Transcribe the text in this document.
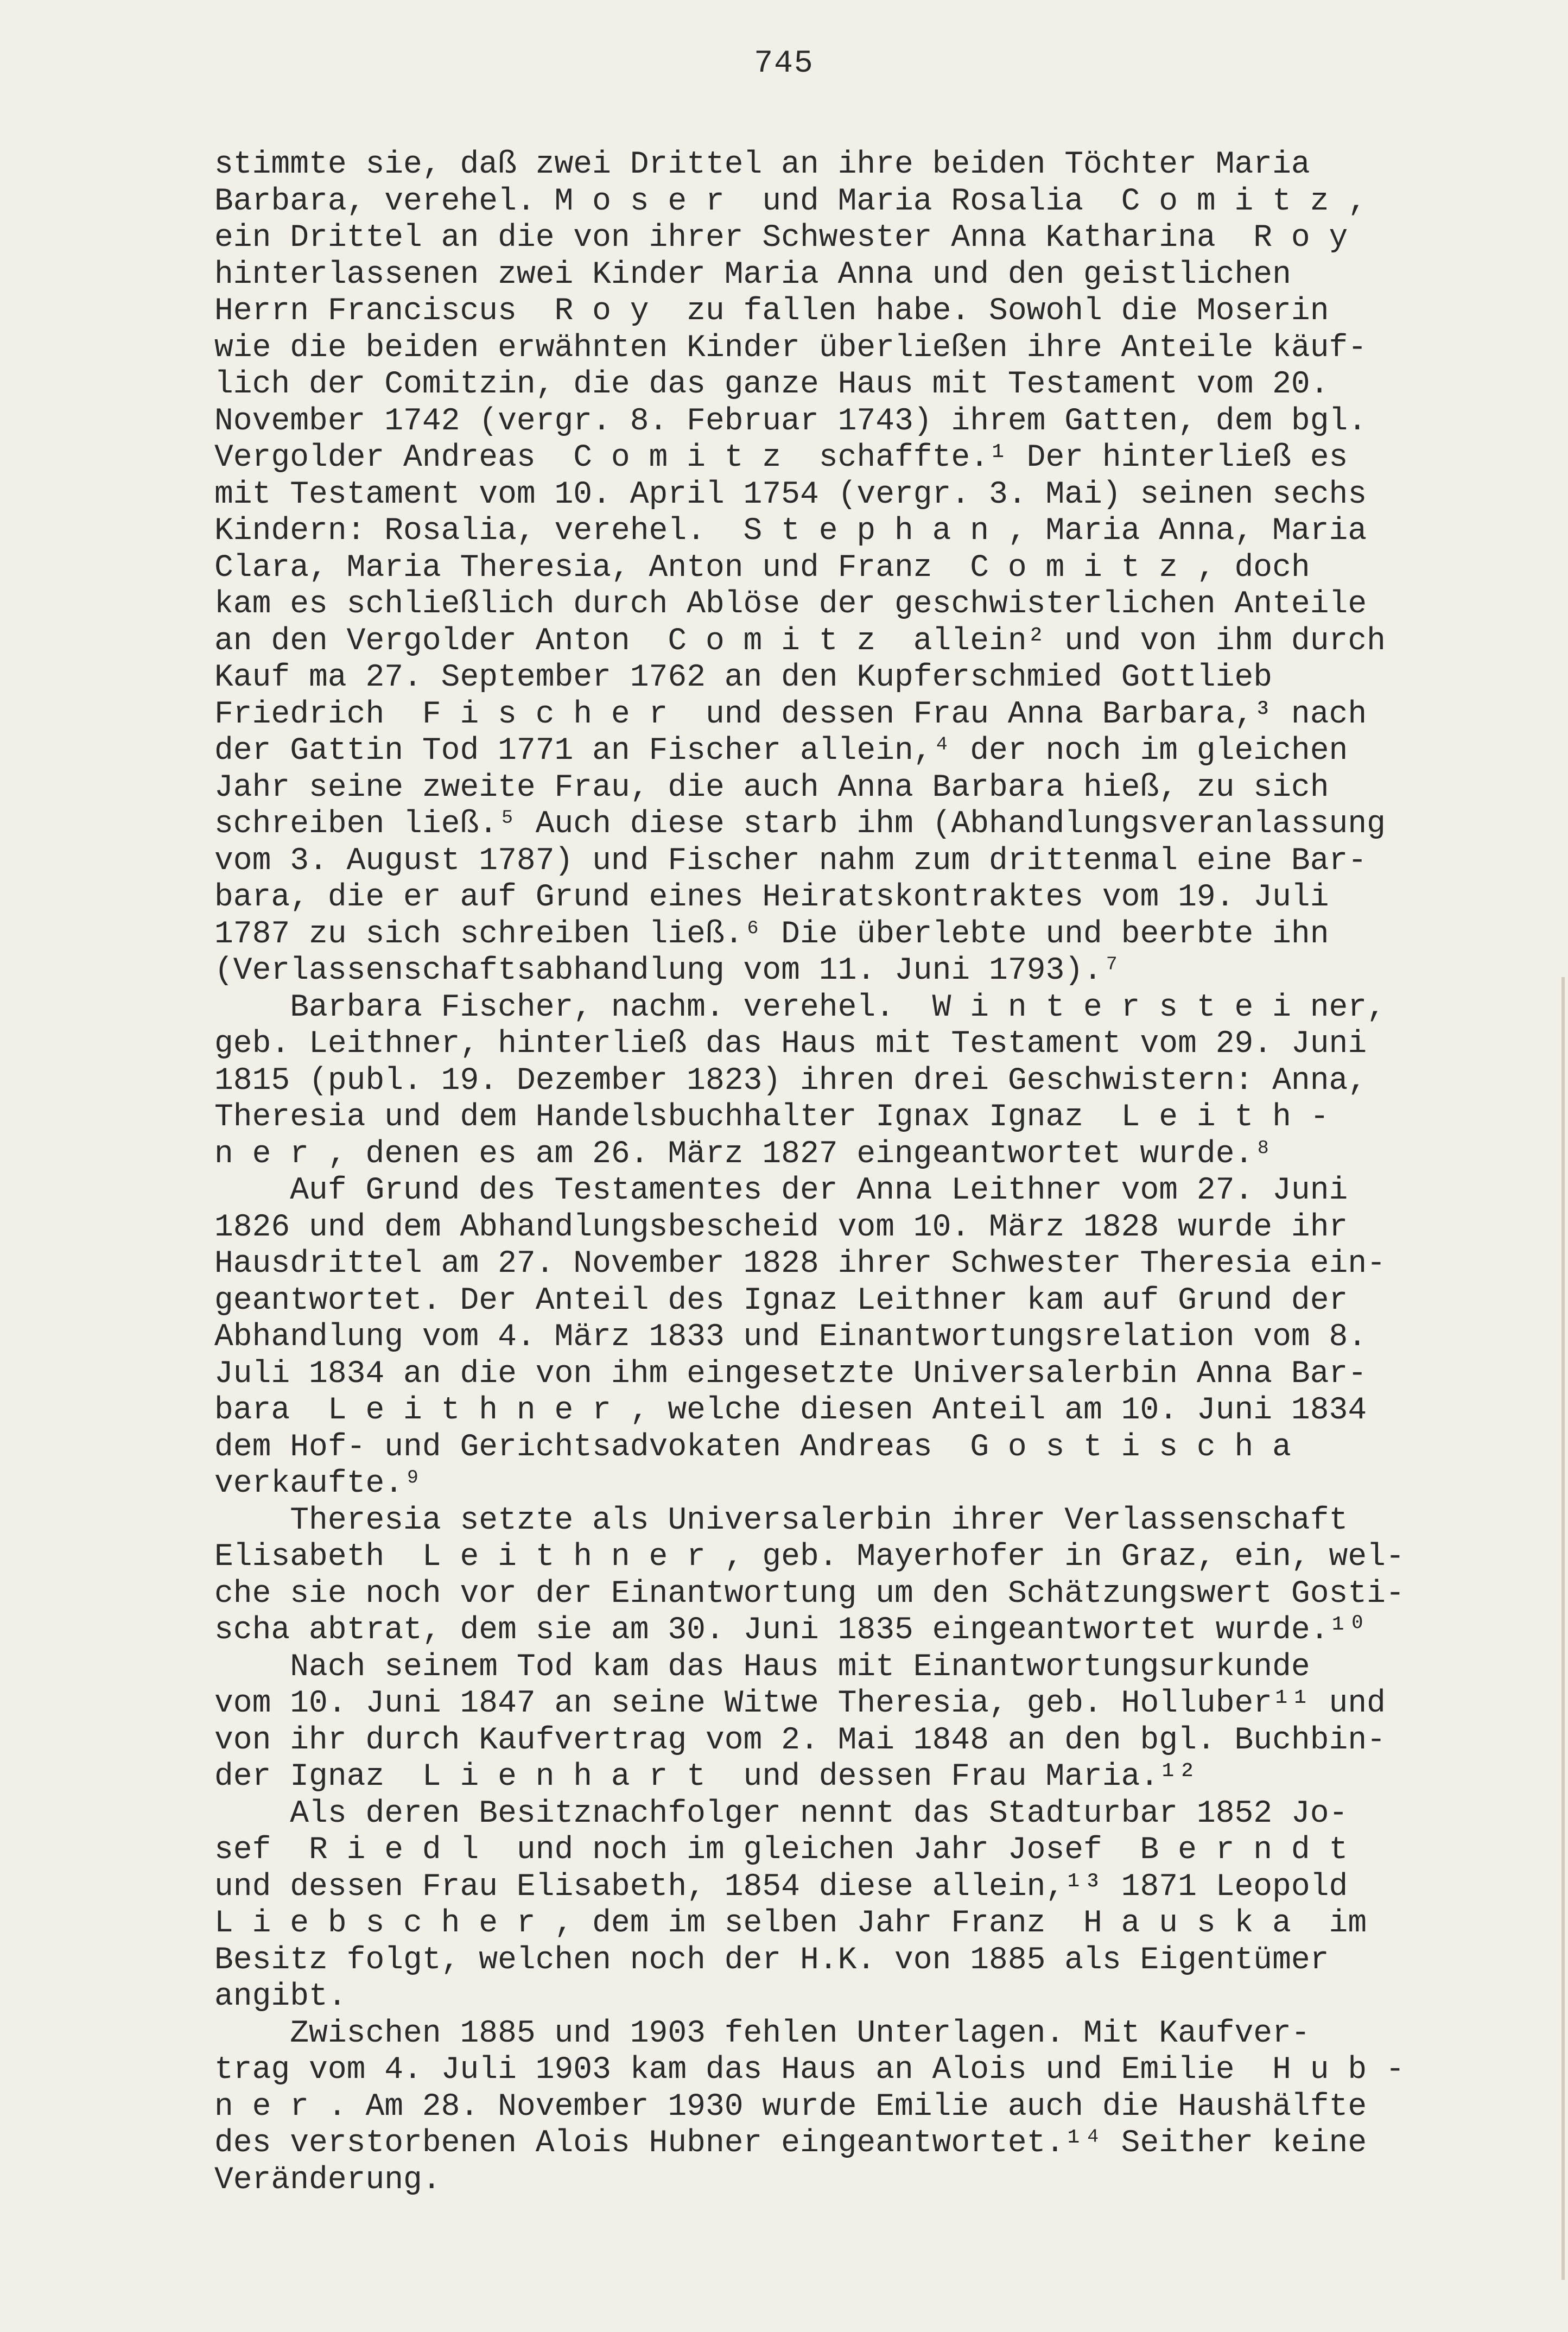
745
stimmte sie, daß zwei Drittel an ihre beiden Töchter Maria
Barbara, verehel. M o s e r  und Maria Rosalia  C o m i t z ,
ein Drittel an die von ihrer Schwester Anna Katharina  R o y
hinterlassenen zwei Kinder Maria Anna und den geistlichen
Herrn Franciscus  R o y  zu fallen habe. Sowohl die Moserin
wie die beiden erwähnten Kinder überließen ihre Anteile käuf-
lich der Comitzin, die das ganze Haus mit Testament vom 20.
November 1742 (vergr. 8. Februar 1743) ihrem Gatten, dem bgl.
Vergolder Andreas  C o m i t z  schaffte.¹ Der hinterließ es
mit Testament vom 10. April 1754 (vergr. 3. Mai) seinen sechs
Kindern: Rosalia, verehel.  S t e p h a n , Maria Anna, Maria
Clara, Maria Theresia, Anton und Franz  C o m i t z , doch
kam es schließlich durch Ablöse der geschwisterlichen Anteile
an den Vergolder Anton  C o m i t z  allein² und von ihm durch
Kauf ma 27. September 1762 an den Kupferschmied Gottlieb
Friedrich  F i s c h e r  und dessen Frau Anna Barbara,³ nach
der Gattin Tod 1771 an Fischer allein,⁴ der noch im gleichen
Jahr seine zweite Frau, die auch Anna Barbara hieß, zu sich
schreiben ließ.⁵ Auch diese starb ihm (Abhandlungsveranlassung
vom 3. August 1787) und Fischer nahm zum drittenmal eine Bar-
bara, die er auf Grund eines Heiratskontraktes vom 19. Juli
1787 zu sich schreiben ließ.⁶ Die überlebte und beerbte ihn
(Verlassenschaftsabhandlung vom 11. Juni 1793).⁷
Barbara Fischer, nachm. verehel.  W i n t e r s t e i ner,
geb. Leithner, hinterließ das Haus mit Testament vom 29. Juni
1815 (publ. 19. Dezember 1823) ihren drei Geschwistern: Anna,
Theresia und dem Handelsbuchhalter Ignax Ignaz  L e i t h -
n e r , denen es am 26. März 1827 eingeantwortet wurde.⁸
Auf Grund des Testamentes der Anna Leithner vom 27. Juni
1826 und dem Abhandlungsbescheid vom 10. März 1828 wurde ihr
Hausdrittel am 27. November 1828 ihrer Schwester Theresia ein-
geantwortet. Der Anteil des Ignaz Leithner kam auf Grund der
Abhandlung vom 4. März 1833 und Einantwortungsrelation vom 8.
Juli 1834 an die von ihm eingesetzte Universalerbin Anna Bar-
bara  L e i t h n e r , welche diesen Anteil am 10. Juni 1834
dem Hof- und Gerichtsadvokaten Andreas  G o s t i s c h a
verkaufte.⁹
Theresia setzte als Universalerbin ihrer Verlassenschaft
Elisabeth  L e i t h n e r , geb. Mayerhofer in Graz, ein, wel-
che sie noch vor der Einantwortung um den Schätzungswert Gosti-
scha abtrat, dem sie am 30. Juni 1835 eingeantwortet wurde.¹⁰
Nach seinem Tod kam das Haus mit Einantwortungsurkunde
vom 10. Juni 1847 an seine Witwe Theresia, geb. Holluber¹¹ und
von ihr durch Kaufvertrag vom 2. Mai 1848 an den bgl. Buchbin-
der Ignaz  L i e n h a r t  und dessen Frau Maria.¹²
Als deren Besitznachfolger nennt das Stadturbar 1852 Jo-
sef  R i e d l  und noch im gleichen Jahr Josef  B e r n d t
und dessen Frau Elisabeth, 1854 diese allein,¹³ 1871 Leopold
L i e b s c h e r , dem im selben Jahr Franz  H a u s k a  im
Besitz folgt, welchen noch der H.K. von 1885 als Eigentümer
angibt.
Zwischen 1885 und 1903 fehlen Unterlagen. Mit Kaufver-
trag vom 4. Juli 1903 kam das Haus an Alois und Emilie  H u b -
n e r . Am 28. November 1930 wurde Emilie auch die Haushälfte
des verstorbenen Alois Hubner eingeantwortet.¹⁴ Seither keine
Veränderung.
